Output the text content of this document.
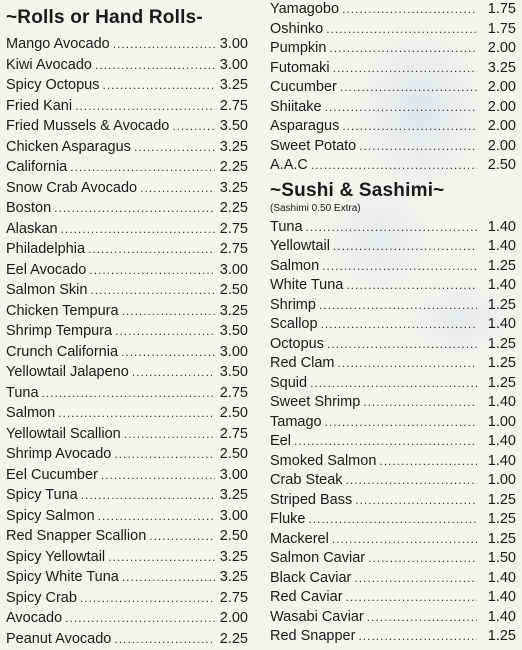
~Rolls or Hand Rolls-
Mango Avocado .....	3.00
Kiwi Avocado .....	3.00
Spicy Octopus .....	3.25
Fried Kani .....	2.75
Fried Mussels & Avocado .....	3.50
Chicken Asparagus .....	3.25
California .....	2.25
Snow Crab Avocado .....	3.25
Boston .....	2.25
Alaskan .....	2.75
Philadelphia .....	2.75
Eel Avocado .....	3.00
Salmon Skin .....	2.50
Chicken Tempura .....	3.25
Shrimp Tempura .....	3.50
Crunch California .....	3.00
Yellowtail Jalapeno .....	3.50
Tuna .....	2.75
Salmon .....	2.50
Yellowtail Scallion .....	2.75
Shrimp Avocado .....	2.50
Eel Cucumber .....	3.00
Spicy Tuna .....	3.25
Spicy Salmon .....	3.00
Red Snapper Scallion .....	2.50
Spicy Yellowtail .....	3.25
Spicy White Tuna .....	3.25
Spicy Crab .....	2.75
Avocado .....	2.00
Peanut Avocado .....	2.25
Yamagobo .....	1.75
Oshinko .....	1.75
Pumpkin .....	2.00
Futomaki .....	3.25
Cucumber .....	2.00
Shiitake .....	2.00
Asparagus .....	2.00
Sweet Potato .....	2.00
A.A.C .....	2.50
~Sushi & Sashimi~
(Sashimi 0.50 Extra)
Tuna .....	1.40
Yellowtail .....	1.40
Salmon .....	1.25
White Tuna .....	1.40
Shrimp .....	1.25
Scallop .....	1.40
Octopus .....	1.25
Red Clam .....	1.25
Squid .....	1.25
Sweet Shrimp .....	1.40
Tamago .....	1.00
Eel .....	1.40
Smoked Salmon .....	1.40
Crab Steak .....	1.00
Striped Bass .....	1.25
Fluke .....	1.25
Mackerel .....	1.25
Salmon Caviar .....	1.50
Black Caviar .....	1.40
Red Caviar .....	1.40
Wasabi Caviar .....	1.40
Red Snapper .....	1.25
